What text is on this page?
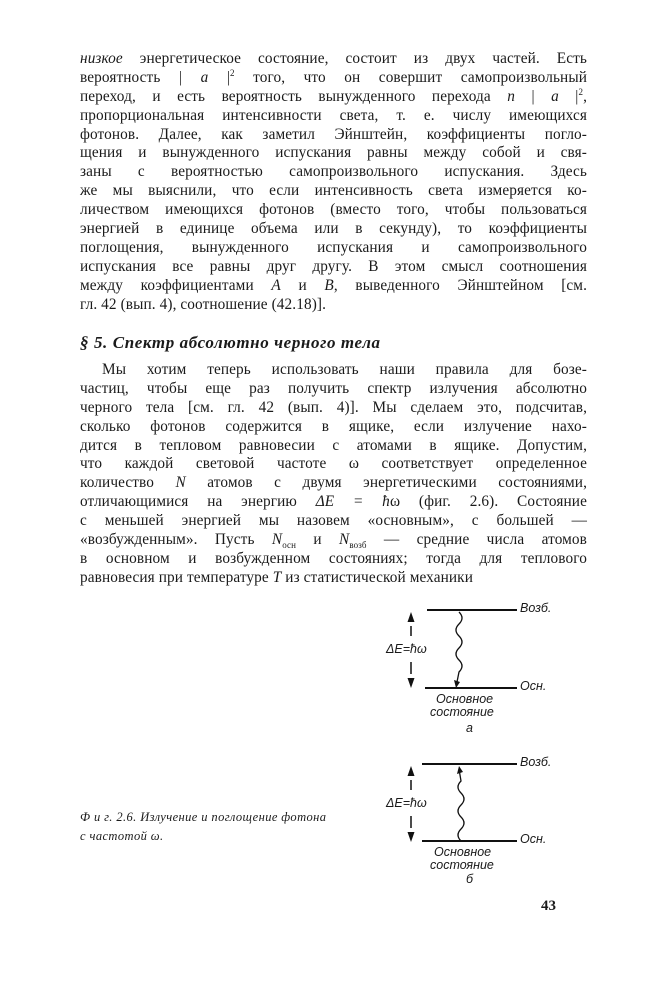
низкое энергетическое состояние, состоит из двух частей. Есть
вероятность | a $|^2$ того, что он совершит самопроизвольный
переход, и есть вероятность вынужденного перехода n | a $|^2$,
пропорциональная интенсивности света, т. е. числу имеющихся
фотонов. Далее, как заметил Эйнштейн, коэффициенты погло-
щения и вынужденного испускания равны между собой и свя-
заны с вероятностью самопроизвольного испускания. Здесь
же мы выяснили, что если интенсивность света измеряется ко-
личеством имеющихся фотонов (вместо того, чтобы пользоваться
энергией в единице объема или в секунду), то коэффициенты
поглощения, вынужденного испускания и самопроизвольного
испускания все равны друг другу. В этом смысл соотношения
между коэффициентами A и B, выведенного Эйнштейном [см.
гл. 42 (вып. 4), соотношение (42.18)].
§ 5. Спектр абсолютно черного тела
Мы хотим теперь использовать наши правила для бозе-
частиц, чтобы еще раз получить спектр излучения абсолютно
черного тела [см. гл. 42 (вып. 4)]. Мы сделаем это, подсчитав,
сколько фотонов содержится в ящике, если излучение нахо-
дится в тепловом равновесии с атомами в ящике. Допустим,
что каждой световой частоте ω соответствует определенное
количество N атомов с двумя энергетическими состояниями,
отличающимися на энергию ΔE = ħω (фиг. 2.6). Состояние
с меньшей энергией мы назовем «основным», с большей —
«возбужденным». Пусть $N_{осн}$ и $N_{возб}$ — средние числа атомов
в основном и возбужденном состояниях; тогда для теплового
равновесия при температуре T из статистической механики
Возб.
Осн.
ΔE=ħω
Основное
состояние
а
Возб.
Осн.
ΔE=ħω
Основное
состояние
б
Ф и г. 2.6. Излучение и поглощение фотона
с частотой ω.
43
